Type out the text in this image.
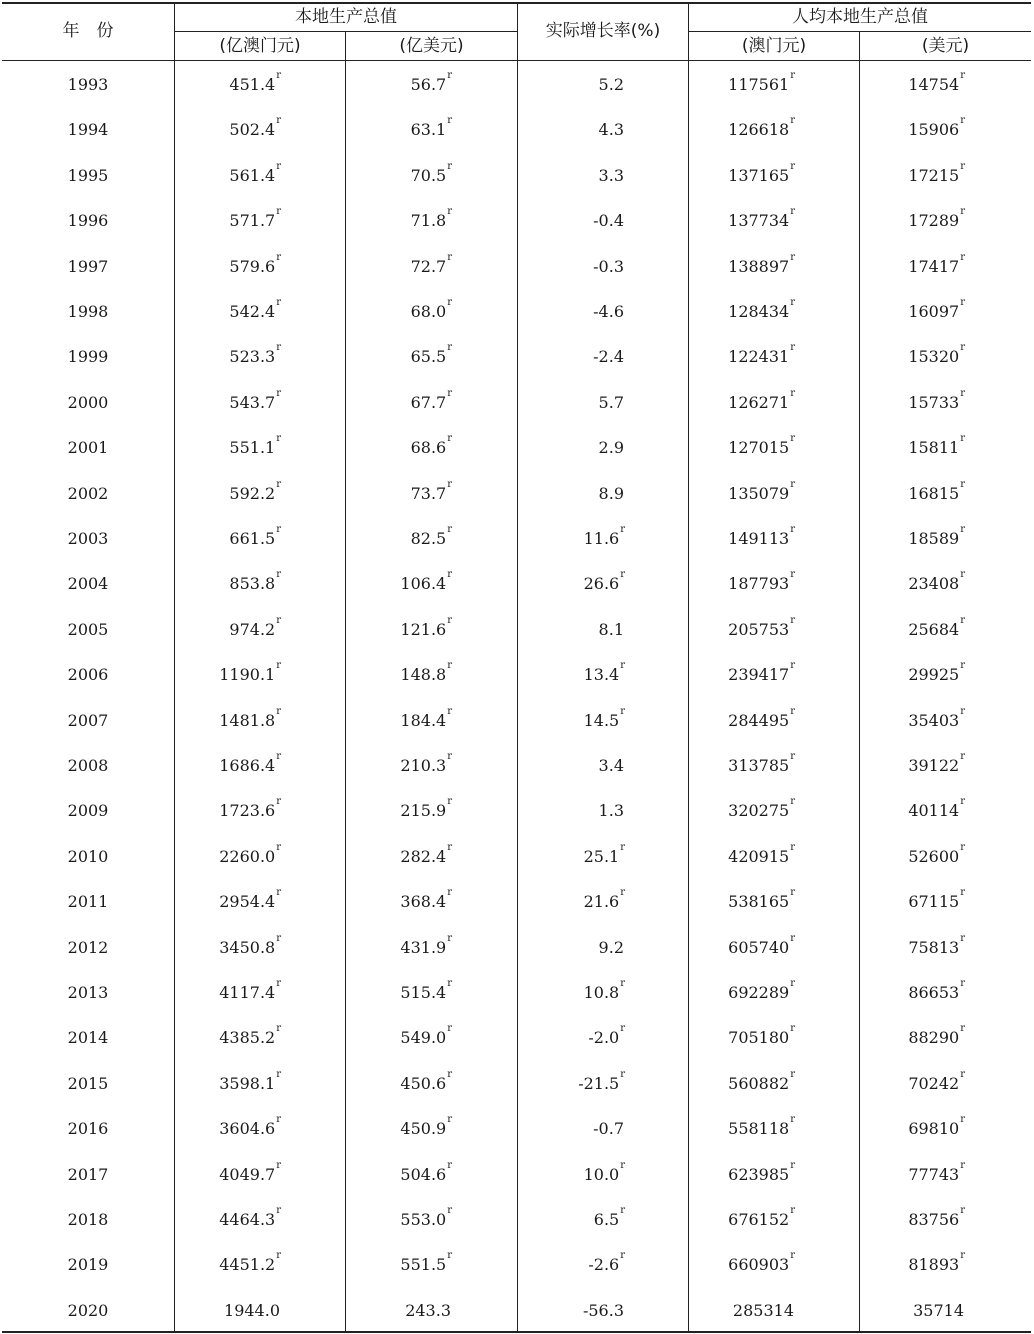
年　份
本地生产总值
(亿澳门元)	(亿美元)
实际增长率(%)
人均本地生产总值
(澳门元)	(美元)
1993	451.4$^r$	56.7$^r$	5.2	117561$^r$	14754$^r$
1994	502.4$^r$	63.1$^r$	4.3	126618$^r$	15906$^r$
1995	561.4$^r$	70.5$^r$	3.3	137165$^r$	17215$^r$
1996	571.7$^r$	71.8$^r$	-0.4	137734$^r$	17289$^r$
1997	579.6$^r$	72.7$^r$	-0.3	138897$^r$	17417$^r$
1998	542.4$^r$	68.0$^r$	-4.6	128434$^r$	16097$^r$
1999	523.3$^r$	65.5$^r$	-2.4	122431$^r$	15320$^r$
2000	543.7$^r$	67.7$^r$	5.7	126271$^r$	15733$^r$
2001	551.1$^r$	68.6$^r$	2.9	127015$^r$	15811$^r$
2002	592.2$^r$	73.7$^r$	8.9	135079$^r$	16815$^r$
2003	661.5$^r$	82.5$^r$	11.6$^r$	149113$^r$	18589$^r$
2004	853.8$^r$	106.4$^r$	26.6$^r$	187793$^r$	23408$^r$
2005	974.2$^r$	121.6$^r$	8.1	205753$^r$	25684$^r$
2006	1190.1$^r$	148.8$^r$	13.4$^r$	239417$^r$	29925$^r$
2007	1481.8$^r$	184.4$^r$	14.5$^r$	284495$^r$	35403$^r$
2008	1686.4$^r$	210.3$^r$	3.4	313785$^r$	39122$^r$
2009	1723.6$^r$	215.9$^r$	1.3	320275$^r$	40114$^r$
2010	2260.0$^r$	282.4$^r$	25.1$^r$	420915$^r$	52600$^r$
2011	2954.4$^r$	368.4$^r$	21.6$^r$	538165$^r$	67115$^r$
2012	3450.8$^r$	431.9$^r$	9.2	605740$^r$	75813$^r$
2013	4117.4$^r$	515.4$^r$	10.8$^r$	692289$^r$	86653$^r$
2014	4385.2$^r$	549.0$^r$	-2.0$^r$	705180$^r$	88290$^r$
2015	3598.1$^r$	450.6$^r$	-21.5$^r$	560882$^r$	70242$^r$
2016	3604.6$^r$	450.9$^r$	-0.7	558118$^r$	69810$^r$
2017	4049.7$^r$	504.6$^r$	10.0$^r$	623985$^r$	77743$^r$
2018	4464.3$^r$	553.0$^r$	6.5$^r$	676152$^r$	83756$^r$
2019	4451.2$^r$	551.5$^r$	-2.6$^r$	660903$^r$	81893$^r$
2020	1944.0	243.3	-56.3	285314	35714
